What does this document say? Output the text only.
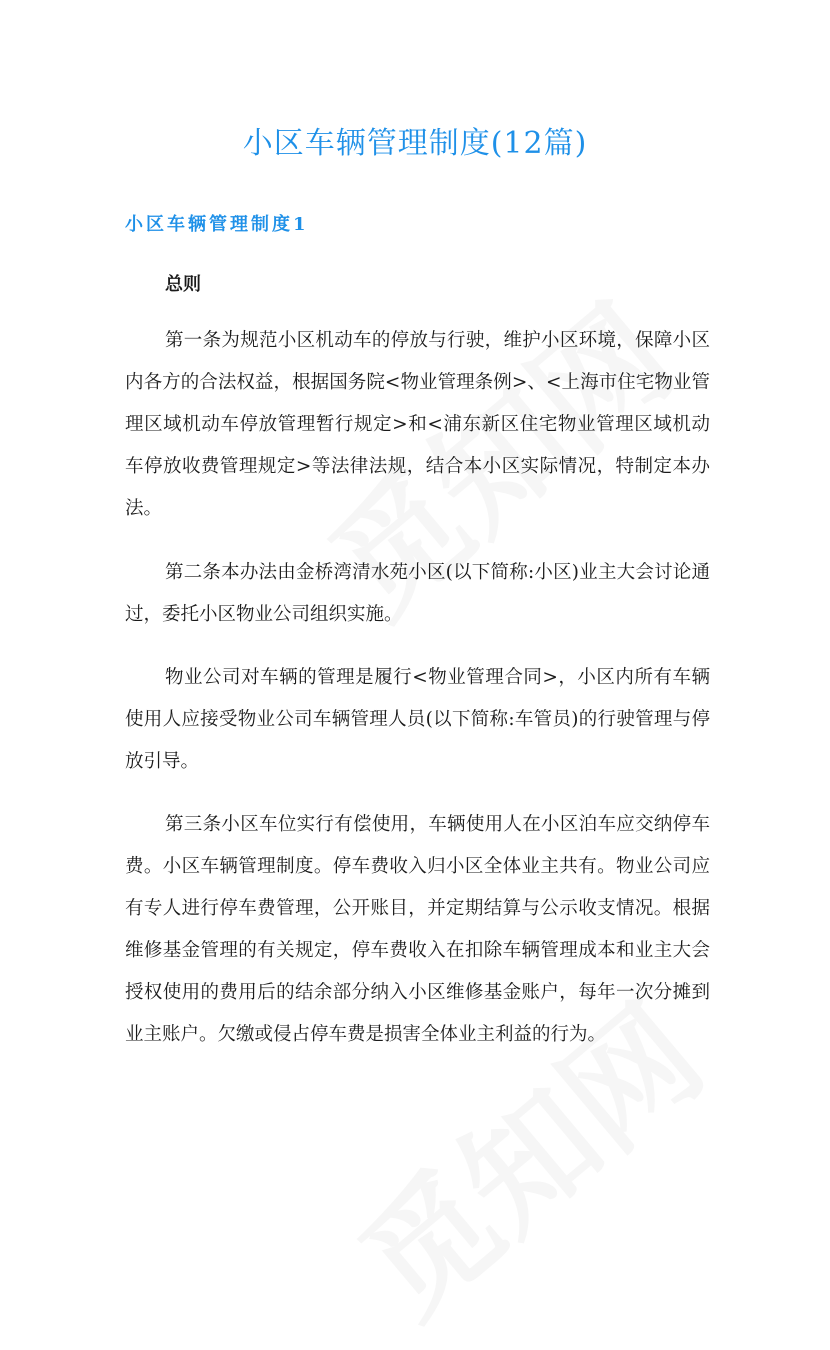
小区车辆管理制度(12篇)
小区车辆管理制度1
总则

第一条为规范小区机动车的停放与行驶，维护小区环境，保障小区内各方的合法权益，根据国务院<物业管理条例>、<上海市住宅物业管理区域机动车停放管理暂行规定>和<浦东新区住宅物业管理区域机动车停放收费管理规定>等法律法规，结合本小区实际情况，特制定本办法。

第二条本办法由金桥湾清水苑小区(以下简称:小区)业主大会讨论通过，委托小区物业公司组织实施。

物业公司对车辆的管理是履行<物业管理合同>，小区内所有车辆使用人应接受物业公司车辆管理人员(以下简称:车管员)的行驶管理与停放引导。

第三条小区车位实行有偿使用，车辆使用人在小区泊车应交纳停车费。小区车辆管理制度。停车费收入归小区全体业主共有。物业公司应有专人进行停车费管理，公开账目，并定期结算与公示收支情况。根据维修基金管理的有关规定，停车费收入在扣除车辆管理成本和业主大会授权使用的费用后的结余部分纳入小区维修基金账户，每年一次分摊到业主账户。欠缴或侵占停车费是损害全体业主利益的行为。
